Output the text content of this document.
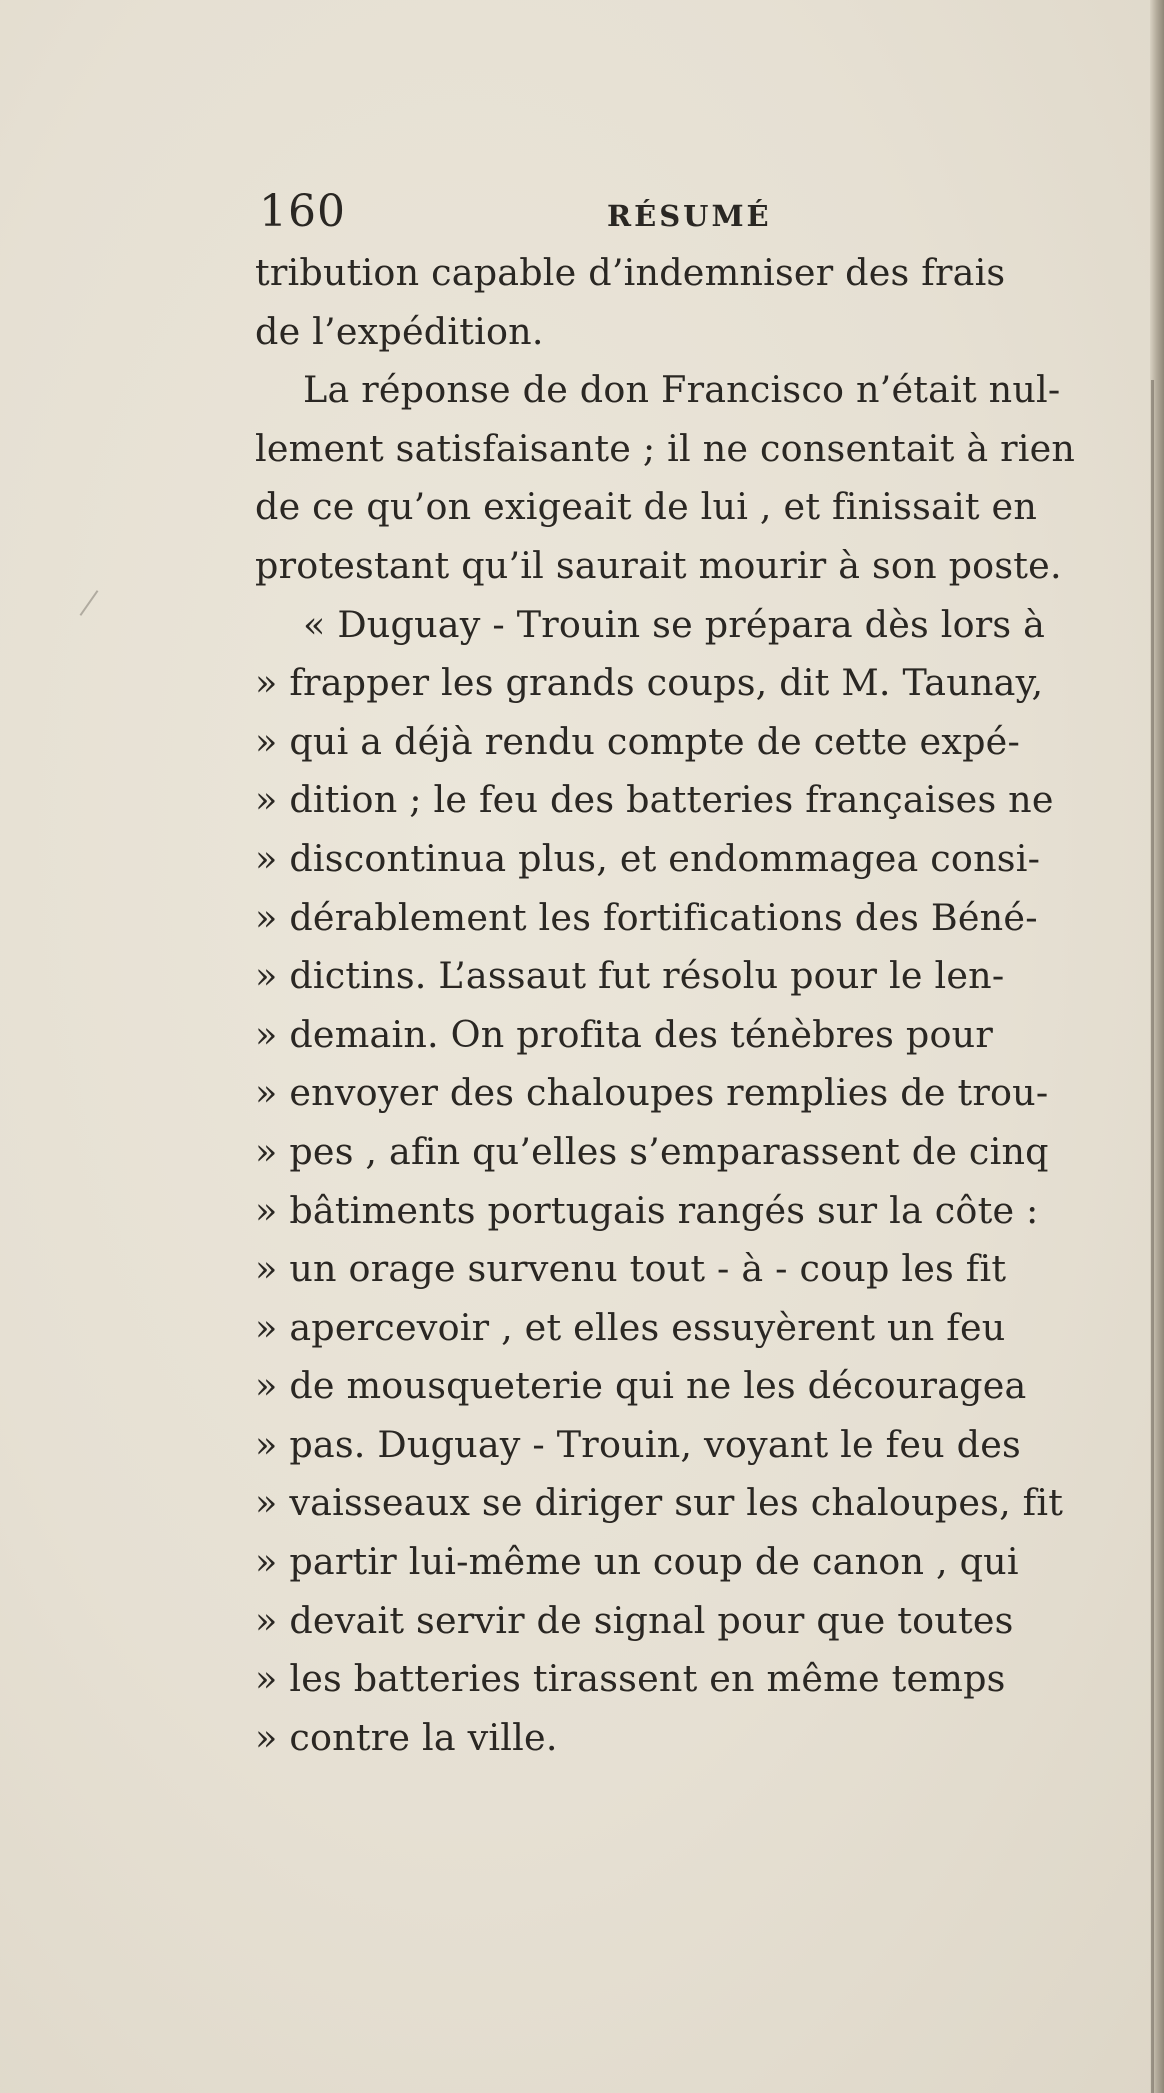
160	RÉSUMÉ
tribution capable d’indemniser des frais
de l’expédition.
La réponse de don Francisco n’était nul-
lement satisfaisante ; il ne consentait à rien
de ce qu’on exigeait de lui , et finissait en
protestant qu’il saurait mourir à son poste.
« Duguay - Trouin se prépara dès lors à
» frapper les grands coups, dit M. Taunay,
» qui a déjà rendu compte de cette expé-
» dition ; le feu des batteries françaises ne
» discontinua plus, et endommagea consi-
» dérablement les fortifications des Béné-
» dictins. L’assaut fut résolu pour le len-
» demain. On profita des ténèbres pour
» envoyer des chaloupes remplies de trou-
» pes , afin qu’elles s’emparassent de cinq
» bâtiments portugais rangés sur la côte :
» un orage survenu tout - à - coup les fit
» apercevoir , et elles essuyèrent un feu
» de mousqueterie qui ne les découragea
» pas. Duguay - Trouin, voyant le feu des
» vaisseaux se diriger sur les chaloupes, fit
» partir lui-même un coup de canon , qui
» devait servir de signal pour que toutes
» les batteries tirassent en même temps
» contre la ville.
